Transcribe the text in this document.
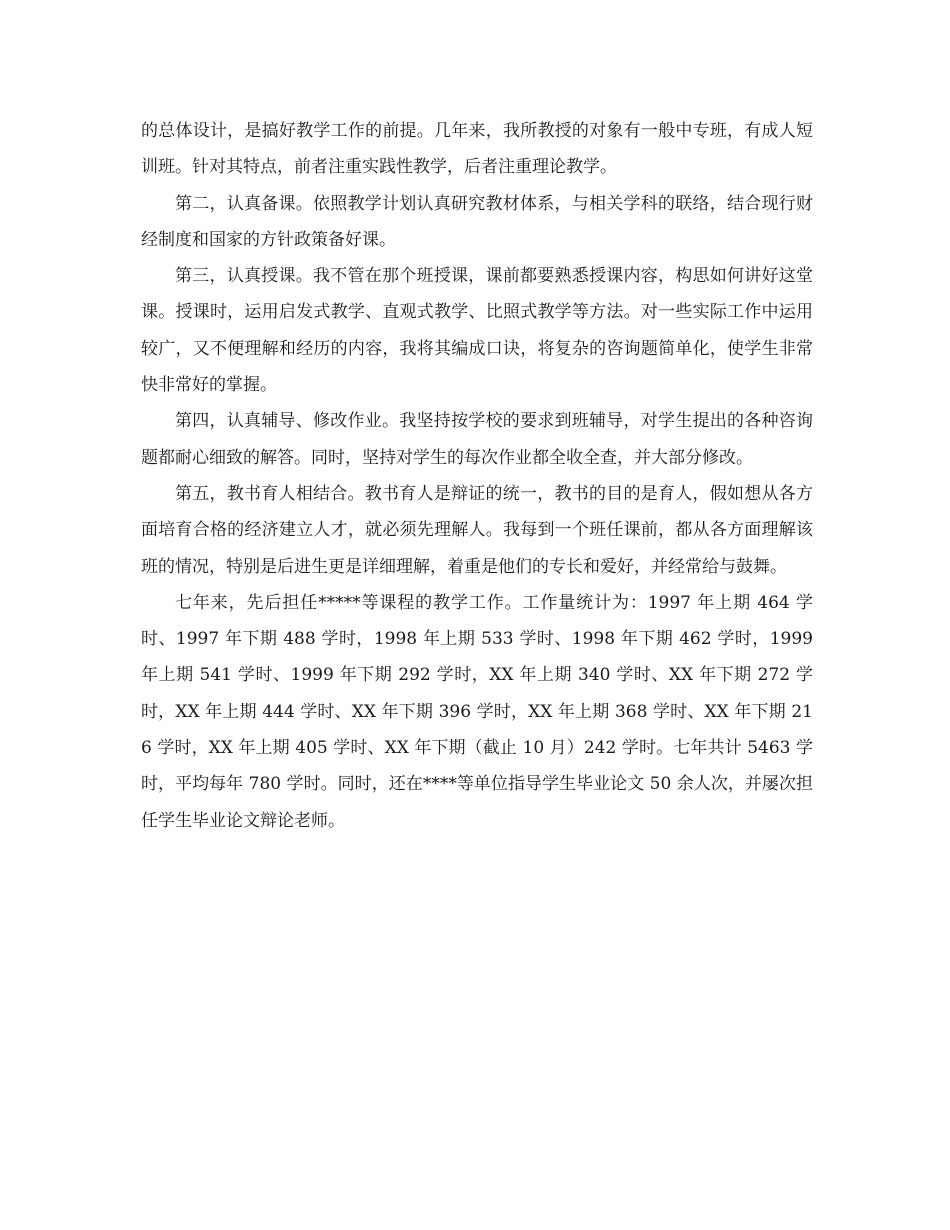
的总体设计，是搞好教学工作的前提。几年来，我所教授的对象有一般中专班，有成人短训班。针对其特点，前者注重实践性教学，后者注重理论教学。

第二，认真备课。依照教学计划认真研究教材体系，与相关学科的联络，结合现行财经制度和国家的方针政策备好课。

第三，认真授课。我不管在那个班授课，课前都要熟悉授课内容，构思如何讲好这堂课。授课时，运用启发式教学、直观式教学、比照式教学等方法。对一些实际工作中运用较广，又不便理解和经历的内容，我将其编成口诀，将复杂的咨询题简单化，使学生非常快非常好的掌握。

第四，认真辅导、修改作业。我坚持按学校的要求到班辅导，对学生提出的各种咨询题都耐心细致的解答。同时，坚持对学生的每次作业都全收全查，并大部分修改。

第五，教书育人相结合。教书育人是辩证的统一，教书的目的是育人，假如想从各方面培育合格的经济建立人才，就必须先理解人。我每到一个班任课前，都从各方面理解该班的情况，特别是后进生更是详细理解，着重是他们的专长和爱好，并经常给与鼓舞。

七年来，先后担任*****等课程的教学工作。工作量统计为：1997 年上期 464 学时、1997 年下期 488 学时，1998 年上期 533 学时、1998 年下期 462 学时，1999 年上期 541 学时、1999 年下期 292 学时，XX 年上期 340 学时、XX 年下期 272 学时，XX 年上期 444 学时、XX 年下期 396 学时，XX 年上期 368 学时、XX 年下期 216 学时，XX 年上期 405 学时、XX 年下期（截止 10 月）242 学时。七年共计 5463 学时，平均每年 780 学时。同时，还在****等单位指导学生毕业论文 50 余人次，并屡次担任学生毕业论文辩论老师。
